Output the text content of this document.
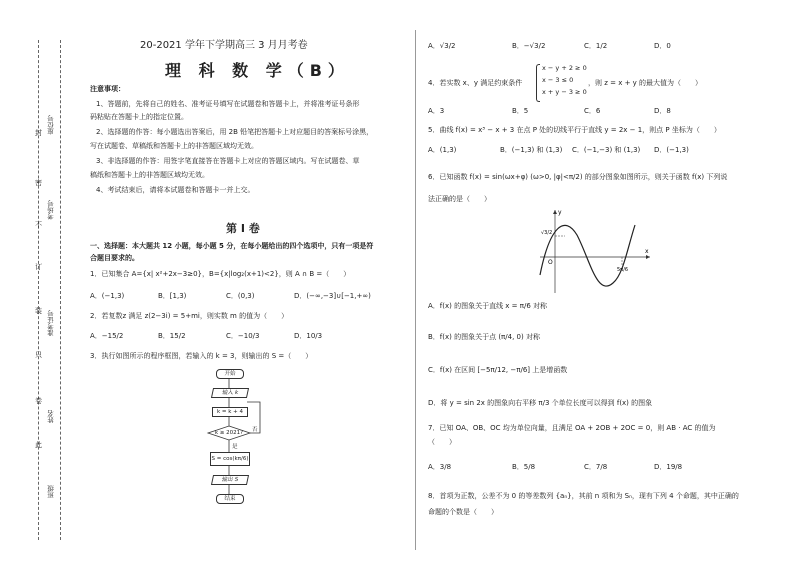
封
密
不
订
装
只
卷
此
座位号
考场号
准考证号
姓名
班级
20-2021 学年下学期高三 3 月月考卷
理 科 数 学（B）
注意事项：
1、答题前，先将自己的姓名、准考证号填写在试题卷和答题卡上，并将准考证号条形
码粘贴在答题卡上的指定位置。
2、选择题的作答：每小题选出答案后，用 2B 铅笔把答题卡上对应题目的答案标号涂黑，
写在试题卷、草稿纸和答题卡上的非答题区域均无效。
3、非选择题的作答：用签字笔直接答在答题卡上对应的答题区域内。写在试题卷、草
稿纸和答题卡上的非答题区域均无效。
4、考试结束后，请将本试题卷和答题卡一并上交。
第 Ⅰ 卷
一、选择题：本大题共 12 小题，每小题 5 分，在每小题给出的四个选项中，只有一项是符
合题目要求的。
1．已知集合 A={x| x²+2x−3≥0}，B={x|log₂(x+1)<2}，则 A ∩ B =（　　）
A．(−1,3)	B．[1,3)	C．(0,3)	D．(−∞,−3]∪[−1,+∞)
2．若复数z 满足 z(2−3i) = 5+mi，则实数 m 的值为（　　）
A．−15/2	B．15/2	C．−10/3	D．10/3
3．执行如图所示的程序框图，若输入的 k = 3，则输出的 S =（　　）
开始
输入 k
k = k + 4
k ≥ 2021?	否
是
S = cos(kπ/6)
输出 S
结束
A．√3/2	B．−√3/2	C．1/2	D．0
4．若实数 x、y 满足约束条件
x − y + 2 ≥ 0
x − 3 ≤ 0
x + y − 3 ≥ 0
，则 z = x + y 的最大值为（　　）
A．3	B．5	C．6	D．8
5．曲线 f(x) = x³ − x + 3 在点 P 处的切线平行于直线 y = 2x − 1，则点 P 坐标为（　　）
A．(1,3)	B．(−1,3) 和 (1,3) C．(−1,−3) 和 (1,3) D．(−1,3)
6．已知函数 f(x) = sin(ωx+φ) (ω>0, |φ|<π/2) 的部分图象如图所示，则关于函数 f(x) 下列说
法正确的是（　　）
y
√3/2
O
5π/6
x
A．f(x) 的图象关于直线 x = π/6 对称
B．f(x) 的图象关于点 (π/4, 0) 对称
C．f(x) 在区间 [−5π/12, −π/6] 上是增函数
D．将 y = sin 2x 的图象向右平移 π/3 个单位长度可以得到 f(x) 的图象
7．已知 OA、OB、OC 均为单位向量，且满足 OA + 2OB + 2OC = 0，则 AB · AC 的值为
（　　）
A．3/8	B．5/8	C．7/8	D．19/8
8．首项为正数，公差不为 0 的等差数列 {aₙ}，其前 n 项和为 Sₙ，现有下列 4 个命题，其中正确的
命题的个数是（　　）
